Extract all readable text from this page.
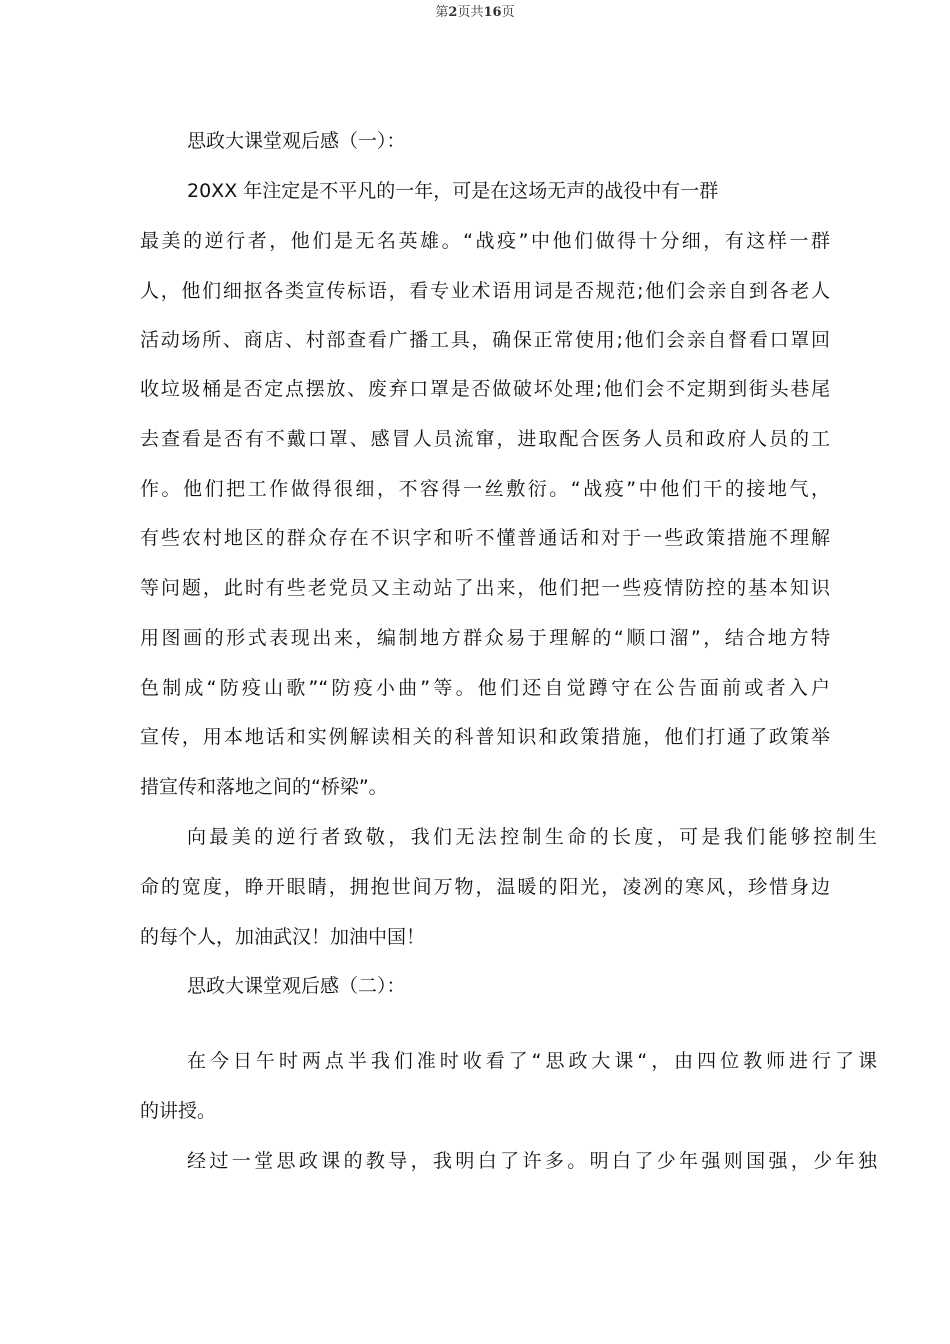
第2页共16页
思政大课堂观后感（一）：
20XX 年注定是不平凡的一年，可是在这场无声的战役中有一群
最美的逆行者，他们是无名英雄。“战疫”中他们做得十分细，有这样一群
人，他们细抠各类宣传标语，看专业术语用词是否规范;他们会亲自到各老人
活动场所、商店、村部查看广播工具，确保正常使用;他们会亲自督看口罩回
收垃圾桶是否定点摆放、废弃口罩是否做破坏处理;他们会不定期到街头巷尾
去查看是否有不戴口罩、感冒人员流窜，进取配合医务人员和政府人员的工
作。他们把工作做得很细，不容得一丝敷衍。“战疫”中他们干的接地气，
有些农村地区的群众存在不识字和听不懂普通话和对于一些政策措施不理解
等问题，此时有些老党员又主动站了出来，他们把一些疫情防控的基本知识
用图画的形式表现出来，编制地方群众易于理解的“顺口溜”，结合地方特
色制成“防疫山歌”“防疫小曲”等。他们还自觉蹲守在公告面前或者入户
宣传，用本地话和实例解读相关的科普知识和政策措施，他们打通了政策举
措宣传和落地之间的“桥梁”。
向最美的逆行者致敬，我们无法控制生命的长度，可是我们能够控制生
命的宽度，睁开眼睛，拥抱世间万物，温暖的阳光，凌冽的寒风，珍惜身边
的每个人，加油武汉！加油中国！
思政大课堂观后感（二）：
在今日午时两点半我们准时收看了“思政大课“，由四位教师进行了课
的讲授。
经过一堂思政课的教导，我明白了许多。明白了少年强则国强，少年独
